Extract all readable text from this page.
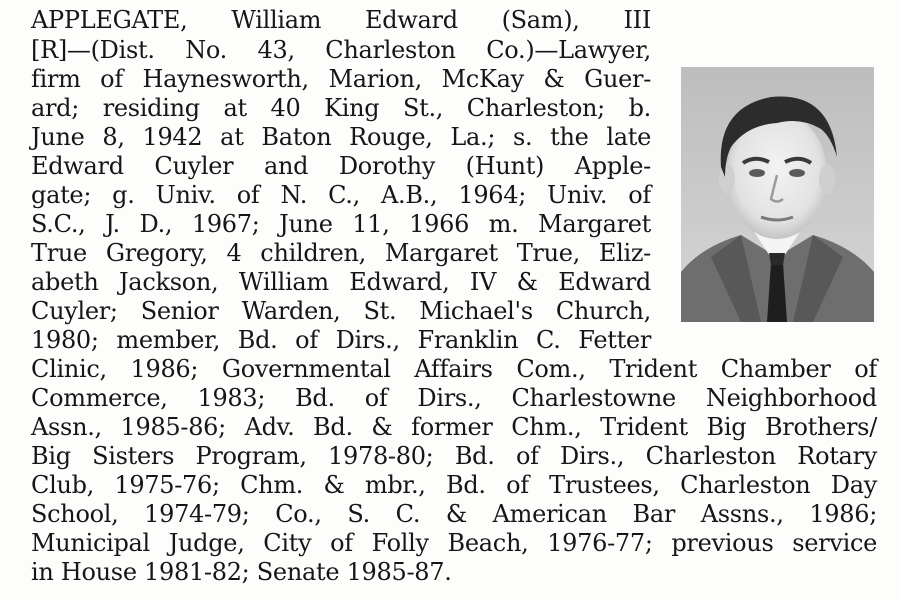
APPLEGATE, William Edward (Sam), III
[R]—(Dist. No. 43, Charleston Co.)—Lawyer,
firm of Haynesworth, Marion, McKay & Guer-
ard; residing at 40 King St., Charleston; b.
June 8, 1942 at Baton Rouge, La.; s. the late
Edward Cuyler and Dorothy (Hunt) Apple-
gate; g. Univ. of N. C., A.B., 1964; Univ. of
S.C., J. D., 1967; June 11, 1966 m. Margaret
True Gregory, 4 children, Margaret True, Eliz-
abeth Jackson, William Edward, IV & Edward
Cuyler; Senior Warden, St. Michael's Church,
1980; member, Bd. of Dirs., Franklin C. Fetter
Clinic, 1986; Governmental Affairs Com., Trident Chamber of
Commerce, 1983; Bd. of Dirs., Charlestowne Neighborhood
Assn., 1985-86; Adv. Bd. & former Chm., Trident Big Brothers/
Big Sisters Program, 1978-80; Bd. of Dirs., Charleston Rotary
Club, 1975-76; Chm. & mbr., Bd. of Trustees, Charleston Day
School, 1974-79; Co., S. C. & American Bar Assns., 1986;
Municipal Judge, City of Folly Beach, 1976-77; previous service
in House 1981-82; Senate 1985-87.
